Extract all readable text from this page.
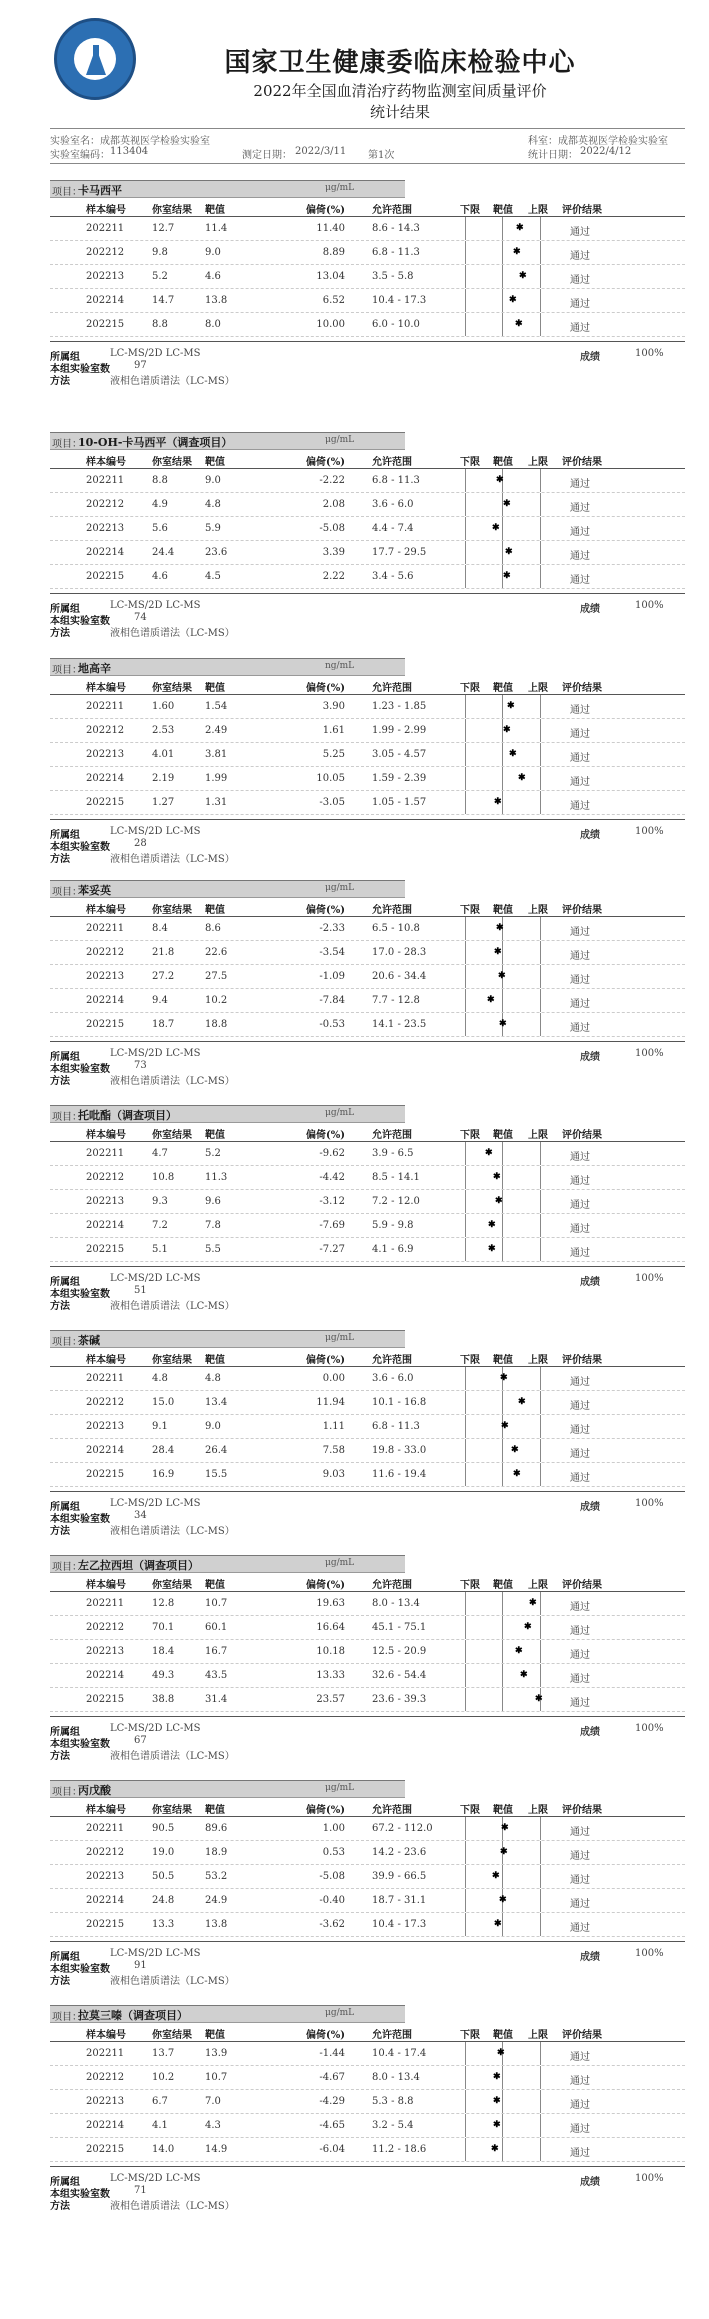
国家卫生健康委临床检验中心
2022年全国血清治疗药物监测室间质量评价
统计结果
实验室名： 成都英视医学检验实验室	科室： 成都英视医学检验实验室
实验室编码： 113404	测定日期： 2022/3/11 第1次	统计日期： 2022/4/12
项目：
卡马西平	μg/mL
样本编号	你室结果 靶值	偏倚(%)	允许范围	下限 靶值 上限 评价结果
202211	12.7	11.4	11.40	8.6 - 14.3	✱	通过
202212	9.8	9.0	8.89	6.8 - 11.3	✱	通过
202213	5.2	4.6	13.04	3.5 - 5.8	✱	通过
202214	14.7	13.8	6.52	10.4 - 17.3	✱	通过
202215	8.8	8.0	10.00	6.0 - 10.0	✱	通过
所属组	LC-MS/2D LC-MS	成绩	100%
本组实验室数 97
方法	液相色谱质谱法（LC-MS）
项目：
10-OH-卡马西平（调查项目）	μg/mL
样本编号	你室结果 靶值	偏倚(%)	允许范围	下限 靶值 上限 评价结果
202211	8.8	9.0	-2.22	6.8 - 11.3	✱	通过
202212	4.9	4.8	2.08	3.6 - 6.0	✱	通过
202213	5.6	5.9	-5.08	4.4 - 7.4	✱	通过
202214	24.4	23.6	3.39	17.7 - 29.5	✱	通过
202215	4.6	4.5	2.22	3.4 - 5.6	✱	通过
所属组	LC-MS/2D LC-MS	成绩	100%
本组实验室数 74
方法	液相色谱质谱法（LC-MS）
项目：
地高辛	ng/mL
样本编号	你室结果 靶值	偏倚(%)	允许范围	下限 靶值 上限 评价结果
202211	1.60	1.54	3.90	1.23 - 1.85	✱	通过
202212	2.53	2.49	1.61	1.99 - 2.99	✱	通过
202213	4.01	3.81	5.25	3.05 - 4.57	✱	通过
202214	2.19	1.99	10.05	1.59 - 2.39	✱	通过
202215	1.27	1.31	-3.05	1.05 - 1.57	✱	通过
所属组	LC-MS/2D LC-MS	成绩	100%
本组实验室数 28
方法	液相色谱质谱法（LC-MS）
项目：
苯妥英	μg/mL
样本编号	你室结果 靶值	偏倚(%)	允许范围	下限 靶值 上限 评价结果
202211	8.4	8.6	-2.33	6.5 - 10.8	✱	通过
202212	21.8	22.6	-3.54	17.0 - 28.3	✱	通过
202213	27.2	27.5	-1.09	20.6 - 34.4	✱	通过
202214	9.4	10.2	-7.84	7.7 - 12.8	✱	通过
202215	18.7	18.8	-0.53	14.1 - 23.5	✱	通过
所属组	LC-MS/2D LC-MS	成绩	100%
本组实验室数 73
方法	液相色谱质谱法（LC-MS）
项目：
托吡酯（调查项目）	μg/mL
样本编号	你室结果 靶值	偏倚(%)	允许范围	下限 靶值 上限 评价结果
202211	4.7	5.2	-9.62	3.9 - 6.5	✱	通过
202212	10.8	11.3	-4.42	8.5 - 14.1	✱	通过
202213	9.3	9.6	-3.12	7.2 - 12.0	✱	通过
202214	7.2	7.8	-7.69	5.9 - 9.8	✱	通过
202215	5.1	5.5	-7.27	4.1 - 6.9	✱	通过
所属组	LC-MS/2D LC-MS	成绩	100%
本组实验室数 51
方法	液相色谱质谱法（LC-MS）
项目：
茶碱	μg/mL
样本编号	你室结果 靶值	偏倚(%)	允许范围	下限 靶值 上限 评价结果
202211	4.8	4.8	0.00	3.6 - 6.0	✱	通过
202212	15.0	13.4	11.94	10.1 - 16.8	✱	通过
202213	9.1	9.0	1.11	6.8 - 11.3	✱	通过
202214	28.4	26.4	7.58	19.8 - 33.0	✱	通过
202215	16.9	15.5	9.03	11.6 - 19.4	✱	通过
所属组	LC-MS/2D LC-MS	成绩	100%
本组实验室数 34
方法	液相色谱质谱法（LC-MS）
项目：
左乙拉西坦（调查项目）	μg/mL
样本编号	你室结果 靶值	偏倚(%)	允许范围	下限 靶值 上限 评价结果
202211	12.8	10.7	19.63	8.0 - 13.4	✱	通过
202212	70.1	60.1	16.64	45.1 - 75.1	✱	通过
202213	18.4	16.7	10.18	12.5 - 20.9	✱	通过
202214	49.3	43.5	13.33	32.6 - 54.4	✱	通过
202215	38.8	31.4	23.57	23.6 - 39.3	✱	通过
所属组	LC-MS/2D LC-MS	成绩	100%
本组实验室数 67
方法	液相色谱质谱法（LC-MS）
项目：
丙戊酸	μg/mL
样本编号	你室结果 靶值	偏倚(%)	允许范围	下限 靶值 上限 评价结果
202211	90.5	89.6	1.00	67.2 - 112.0	✱	通过
202212	19.0	18.9	0.53	14.2 - 23.6	✱	通过
202213	50.5	53.2	-5.08	39.9 - 66.5	✱	通过
202214	24.8	24.9	-0.40	18.7 - 31.1	✱	通过
202215	13.3	13.8	-3.62	10.4 - 17.3	✱	通过
所属组	LC-MS/2D LC-MS	成绩	100%
本组实验室数 91
方法	液相色谱质谱法（LC-MS）
项目：
拉莫三嗪（调查项目）	μg/mL
样本编号	你室结果 靶值	偏倚(%)	允许范围	下限 靶值 上限 评价结果
202211	13.7	13.9	-1.44	10.4 - 17.4	✱	通过
202212	10.2	10.7	-4.67	8.0 - 13.4	✱	通过
202213	6.7	7.0	-4.29	5.3 - 8.8	✱	通过
202214	4.1	4.3	-4.65	3.2 - 5.4	✱	通过
202215	14.0	14.9	-6.04	11.2 - 18.6	✱	通过
所属组	LC-MS/2D LC-MS	成绩	100%
本组实验室数 71
方法	液相色谱质谱法（LC-MS）
